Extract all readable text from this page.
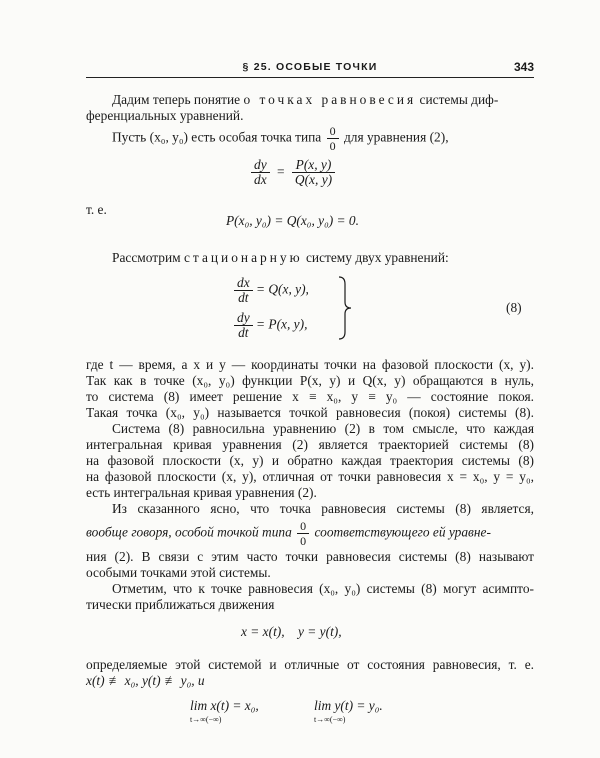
§ 25. ОСОБЫЕ ТОЧКИ	343
Дадим теперь понятие о точках равновесия системы диф-
ференциальных уравнений.
Пусть (x₀, y₀) есть особая точка типа $\frac{0}{0}$ для уравнения (2),
$\frac{dy}{dx} = \frac{P(x, y)}{Q(x, y)}$
т. е.
P(x₀, y₀) = Q(x₀, y₀) = 0.
Рассмотрим стационарную систему двух уравнений:
$\frac{dx}{dt} = Q(x$, y),
$\frac{dy}{dt} = P(x$, y),
(8)
где t — время, а x и y — координаты точки на фазовой плоскости (x, y).
Так как в точке (x₀, y₀) функции P(x, y) и Q(x, y) обращаются в нуль,
то система (8) имеет решение x ≡ x₀, y ≡ y₀ — состояние покоя.
Такая точка (x₀, y₀) называется точкой равновесия (покоя) системы (8).
Система (8) равносильна уравнению (2) в том смысле, что каждая
интегральная кривая уравнения (2) является траекторией системы (8)
на фазовой плоскости (x, y) и обратно каждая траектория системы (8)
на фазовой плоскости (x, y), отличная от точки равновесия x = x₀, y = y₀,
есть интегральная кривая уравнения (2).
Из сказанного ясно, что точка равновесия системы (8) является,
вообще говоря, особой точкой типа $\frac{0}{0}$ соответствующего ей уравне-
ния (2). В связи с этим часто точки равновесия системы (8) называют
особыми точками этой системы.
Отметим, что к точке равновесия (x₀, y₀) системы (8) могут асимпто-
тически приближаться движения
x = x(t),    y = y(t),
определяемые этой системой и отличные от состояния равновесия, т. е.
x(t) ≢ x₀, y(t) ≢ y₀, и
lim x(t) = x₀,
t→∞(−∞)
lim y(t) = y₀.
t→∞(−∞)
